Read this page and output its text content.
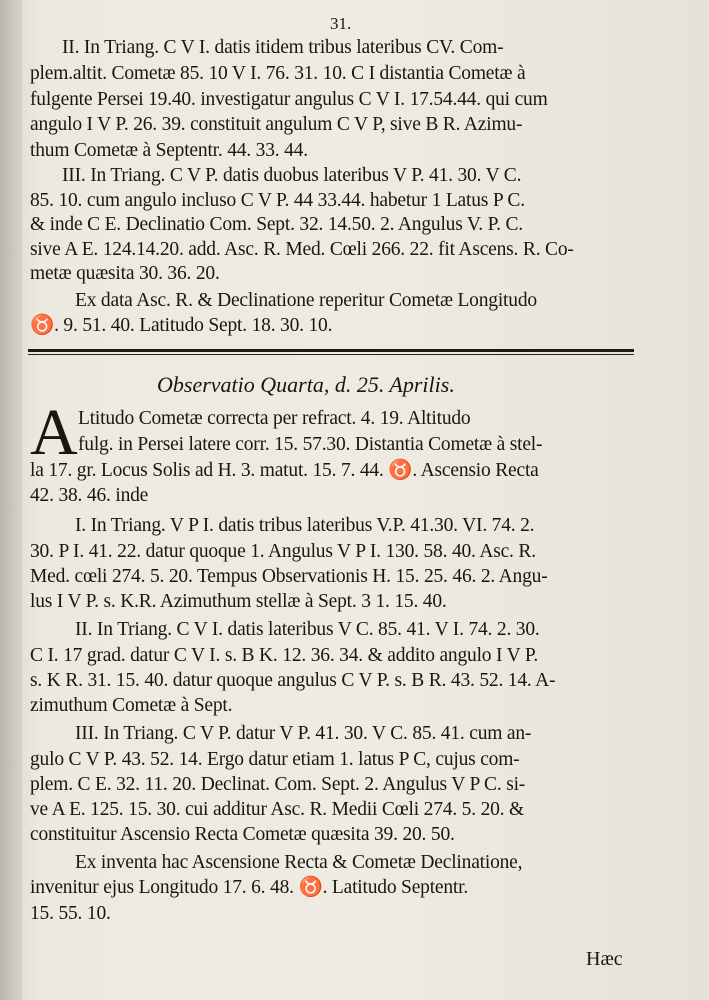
31.
II. In Triang. C V I. datis itidem tribus lateribus CV. Com-
plem.altit. Cometæ 85. 10 V I. 76. 31. 10. C I distantia Cometæ à
fulgente Persei 19.40. investigatur angulus C V I. 17.54.44. qui cum
angulo I V P. 26. 39. constituit angulum C V P, sive B R. Azimu-
thum Cometæ à Septentr. 44. 33. 44.
III. In Triang. C V P. datis duobus lateribus V P. 41. 30. V C.
85. 10. cum angulo incluso C V P. 44 33.44. habetur 1 Latus P C.
& inde C E. Declinatio Com. Sept. 32. 14.50. 2. Angulus V. P. C.
sive A E. 124.14.20. add. Asc. R. Med. Cœli 266. 22. fit Ascens. R. Co-
metæ quæsita 30. 36. 20.
Ex data Asc. R. & Declinatione reperitur Cometæ Longitudo
♉. 9. 51. 40. Latitudo Sept. 18. 30. 10.
Observatio Quarta, d. 25. Aprilis.
A Ltitudo Cometæ correcta per refract. 4. 19. Altitudo
fulg. in Persei latere corr. 15. 57.30. Distantia Cometæ à stel-
la 17. gr. Locus Solis ad H. 3. matut. 15. 7. 44. ♉. Ascensio Recta
42. 38. 46. inde
I. In Triang. V P I. datis tribus lateribus V.P. 41.30. VI. 74. 2.
30. P I. 41. 22. datur quoque 1. Angulus V P I. 130. 58. 40. Asc. R.
Med. cœli 274. 5. 20. Tempus Observationis H. 15. 25. 46. 2. Angu-
lus I V P. s. K.R. Azimuthum stellæ à Sept. 3 1. 15. 40.
II. In Triang. C V I. datis lateribus V C. 85. 41. V I. 74. 2. 30.
C I. 17 grad. datur C V I. s. B K. 12. 36. 34. & addito angulo I V P.
s. K R. 31. 15. 40. datur quoque angulus C V P. s. B R. 43. 52. 14. A-
zimuthum Cometæ à Sept.
III. In Triang. C V P. datur V P. 41. 30. V C. 85. 41. cum an-
gulo C V P. 43. 52. 14. Ergo datur etiam 1. latus P C, cujus com-
plem. C E. 32. 11. 20. Declinat. Com. Sept. 2. Angulus V P C. si-
ve A E. 125. 15. 30. cui additur Asc. R. Medii Cœli 274. 5. 20. &
constituitur Ascensio Recta Cometæ quæsita 39. 20. 50.
Ex inventa hac Ascensione Recta & Cometæ Declinatione,
invenitur ejus Longitudo 17. 6. 48. ♉. Latitudo Septentr.
15. 55. 10.
Hæc
